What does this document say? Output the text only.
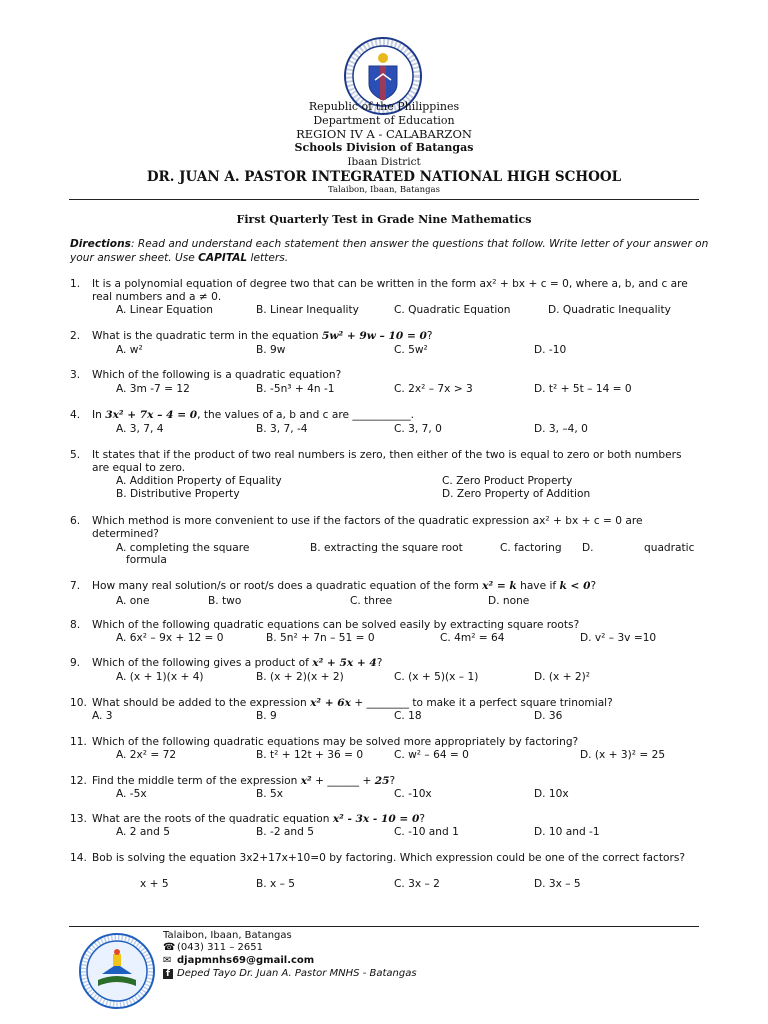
Republic of the Philippines
Department of Education
REGION IV A - CALABARZON
Schools Division of Batangas
Ibaan District
DR. JUAN A. PASTOR INTEGRATED NATIONAL HIGH SCHOOL
Talaibon, Ibaan, Batangas
First Quarterly Test in Grade Nine Mathematics
Directions: Read and understand each statement then answer the questions that follow. Write letter of your answer on your answer sheet. Use CAPITAL letters.
1. It is a polynomial equation of degree two that can be written in the form ax² + bx + c = 0, where a, b, and c are real numbers and a ≠ 0.
A. Linear Equation	B. Linear Inequality	C. Quadratic Equation	D. Quadratic Inequality
2. What is the quadratic term in the equation 5w² + 9w – 10 = 0?
A. w²	B. 9w	C. 5w²	D. -10
3. Which of the following is a quadratic equation?
A. 3m -7 = 12	B. -5n³ + 4n -1	C. 2x² – 7x > 3	D. t² + 5t – 14 = 0
4. In 3x² + 7x – 4 = 0, the values of a, b and c are ___________.
A. 3, 7, 4	B. 3, 7, -4	C. 3, 7, 0	D. 3, –4, 0
5. It states that if the product of two real numbers is zero, then either of the two is equal to zero or both numbers are equal to zero.
A. Addition Property of Equality	C. Zero Product Property
B. Distributive Property	D. Zero Property of Addition
6. Which method is more convenient to use if the factors of the quadratic expression ax² + bx + c = 0 are determined?
A. completing the square	B. extracting the square root	C. factoring D.	quadratic
formula
7. How many real solution/s or root/s does a quadratic equation of the form x² = k have if k < 0?
A. one	B. two	C. three	D. none
8. Which of the following quadratic equations can be solved easily by extracting square roots?
A. 6x² – 9x + 12 = 0	B. 5n² + 7n – 51 = 0	C. 4m² = 64	D. v² – 3v =10
9. Which of the following gives a product of x² + 5x + 4?
A. (x + 1)(x + 4)	B. (x + 2)(x + 2)	C. (x + 5)(x – 1)	D. (x + 2)²
10. What should be added to the expression x² + 6x + ________ to make it a perfect square trinomial?
A. 3	B. 9	C. 18	D. 36
11. Which of the following quadratic equations may be solved more appropriately by factoring?
A. 2x² = 72	B. t² + 12t + 36 = 0	C. w² – 64 = 0	D. (x + 3)² = 25
12. Find the middle term of the expression x² + ______ + 25?
A. -5x	B. 5x	C. -10x	D. 10x
13. What are the roots of the quadratic equation x² - 3x - 10 = 0?
A. 2 and 5	B. -2 and 5	C. -10 and 1	D. 10 and -1
14. Bob is solving the equation 3x2+17x+10=0 by factoring. Which expression could be one of the correct factors?
x + 5	B. x – 5	C. 3x – 2	D. 3x – 5
Talaibon, Ibaan, Batangas
☎ (043) 311 – 2651
✉ djapmnhs69@gmail.com
f Deped Tayo Dr. Juan A. Pastor MNHS - Batangas
